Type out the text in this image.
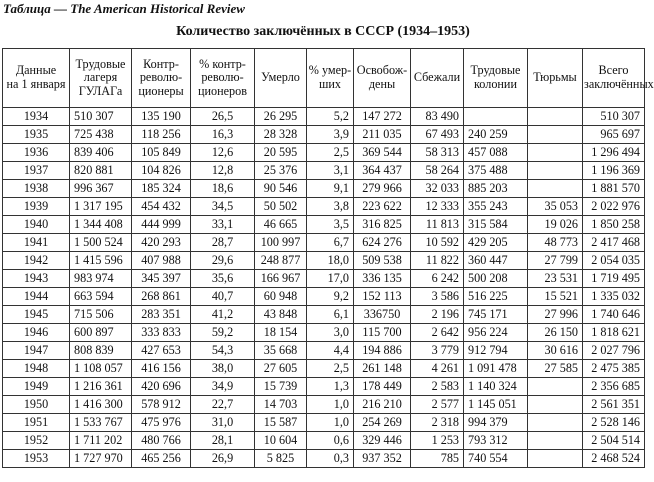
Таблица — The American Historical Review
Количество заключённых в СССР (1934–1953)
Данные
на 1 января	Трудовые
лагеря
ГУЛАГа	Контр-
револю-
ционеры	% контр-
револю-
ционеров	Умерло	% умер-
ших	Освобож-
дены	Сбежали	Трудовые
колонии	Тюрьмы	Всего
заключённых
1934	510 307	135 190	26,5	26 295	5,2	147 272	83 490			510 307
1935	725 438	118 256	16,3	28 328	3,9	211 035	67 493	240 259		965 697
1936	839 406	105 849	12,6	20 595	2,5	369 544	58 313	457 088		1 296 494
1937	820 881	104 826	12,8	25 376	3,1	364 437	58 264	375 488		1 196 369
1938	996 367	185 324	18,6	90 546	9,1	279 966	32 033	885 203		1 881 570
1939	1 317 195	454 432	34,5	50 502	3,8	223 622	12 333	355 243	35 053	2 022 976
1940	1 344 408	444 999	33,1	46 665	3,5	316 825	11 813	315 584	19 026	1 850 258
1941	1 500 524	420 293	28,7	100 997	6,7	624 276	10 592	429 205	48 773	2 417 468
1942	1 415 596	407 988	29,6	248 877	18,0	509 538	11 822	360 447	27 799	2 054 035
1943	983 974	345 397	35,6	166 967	17,0	336 135	6 242	500 208	23 531	1 719 495
1944	663 594	268 861	40,7	60 948	9,2	152 113	3 586	516 225	15 521	1 335 032
1945	715 506	283 351	41,2	43 848	6,1	336750	2 196	745 171	27 996	1 740 646
1946	600 897	333 833	59,2	18 154	3,0	115 700	2 642	956 224	26 150	1 818 621
1947	808 839	427 653	54,3	35 668	4,4	194 886	3 779	912 794	30 616	2 027 796
1948	1 108 057	416 156	38,0	27 605	2,5	261 148	4 261	1 091 478	27 585	2 475 385
1949	1 216 361	420 696	34,9	15 739	1,3	178 449	2 583	1 140 324		2 356 685
1950	1 416 300	578 912	22,7	14 703	1,0	216 210	2 577	1 145 051		2 561 351
1951	1 533 767	475 976	31,0	15 587	1,0	254 269	2 318	994 379		2 528 146
1952	1 711 202	480 766	28,1	10 604	0,6	329 446	1 253	793 312		2 504 514
1953	1 727 970	465 256	26,9	5 825	0,3	937 352	785	740 554		2 468 524
